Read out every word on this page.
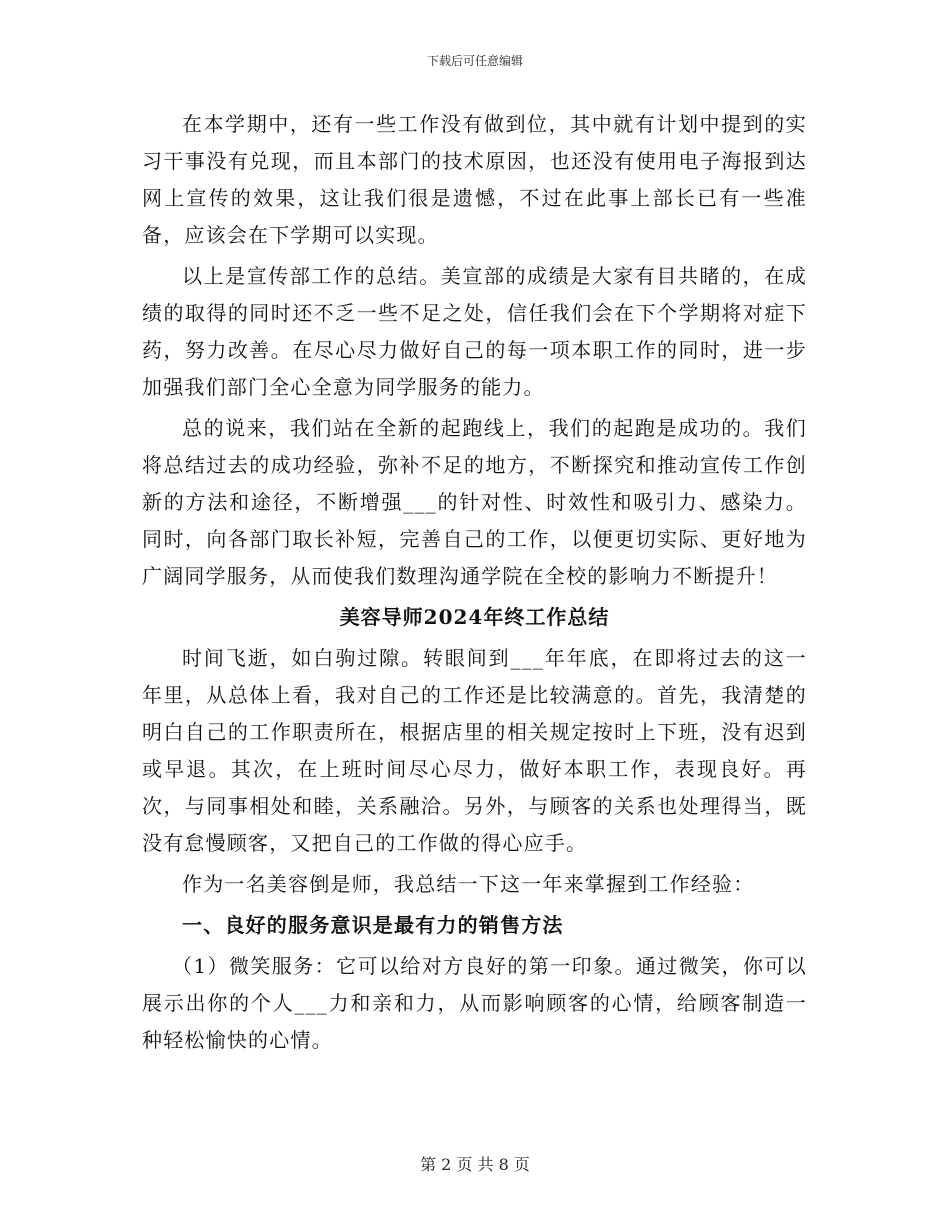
下载后可任意编辑

在本学期中，还有一些工作没有做到位，其中就有计划中提到的实习干事没有兑现，而且本部门的技术原因，也还没有使用电子海报到达网上宣传的效果，这让我们很是遗憾，不过在此事上部长已有一些准备，应该会在下学期可以实现。

以上是宣传部工作的总结。美宣部的成绩是大家有目共睹的，在成绩的取得的同时还不乏一些不足之处，信任我们会在下个学期将对症下药，努力改善。在尽心尽力做好自己的每一项本职工作的同时，进一步加强我们部门全心全意为同学服务的能力。

总的说来，我们站在全新的起跑线上，我们的起跑是成功的。我们将总结过去的成功经验，弥补不足的地方，不断探究和推动宣传工作创新的方法和途径，不断增强___的针对性、时效性和吸引力、感染力。同时，向各部门取长补短，完善自己的工作，以便更切实际、更好地为广阔同学服务，从而使我们数理沟通学院在全校的影响力不断提升！

美容导师2024年终工作总结

时间飞逝，如白驹过隙。转眼间到___年年底，在即将过去的这一年里，从总体上看，我对自己的工作还是比较满意的。首先，我清楚的明白自己的工作职责所在，根据店里的相关规定按时上下班，没有迟到或早退。其次，在上班时间尽心尽力，做好本职工作，表现良好。再次，与同事相处和睦，关系融洽。另外，与顾客的关系也处理得当，既没有怠慢顾客，又把自己的工作做的得心应手。

作为一名美容倒是师，我总结一下这一年来掌握到工作经验：

一、良好的服务意识是最有力的销售方法

（1）微笑服务：它可以给对方良好的第一印象。通过微笑，你可以展示出你的个人___力和亲和力，从而影响顾客的心情，给顾客制造一种轻松愉快的心情。

第 2 页 共 8 页
